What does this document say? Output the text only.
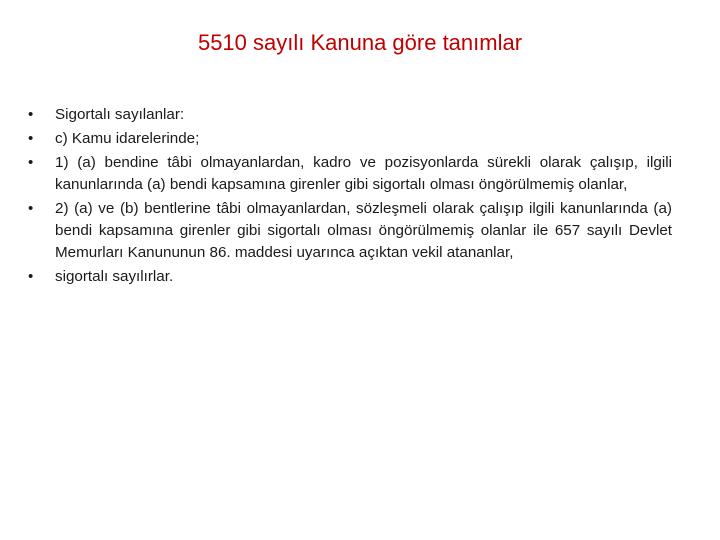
5510 sayılı Kanuna göre tanımlar
•	Sigortalı sayılanlar:
•	c) Kamu idarelerinde;
•	1) (a) bendine tâbi olmayanlardan, kadro ve pozisyonlarda sürekli olarak çalışıp, ilgili kanunlarında (a) bendi kapsamına girenler gibi sigortalı olması öngörülmemiş olanlar,
•	2) (a) ve (b) bentlerine tâbi olmayanlardan, sözleşmeli olarak çalışıp ilgili kanunlarında (a) bendi kapsamına girenler gibi sigortalı olması öngörülmemiş olanlar ile 657 sayılı Devlet Memurları Kanununun 86. maddesi uyarınca açıktan vekil atananlar,
•	sigortalı sayılırlar.
